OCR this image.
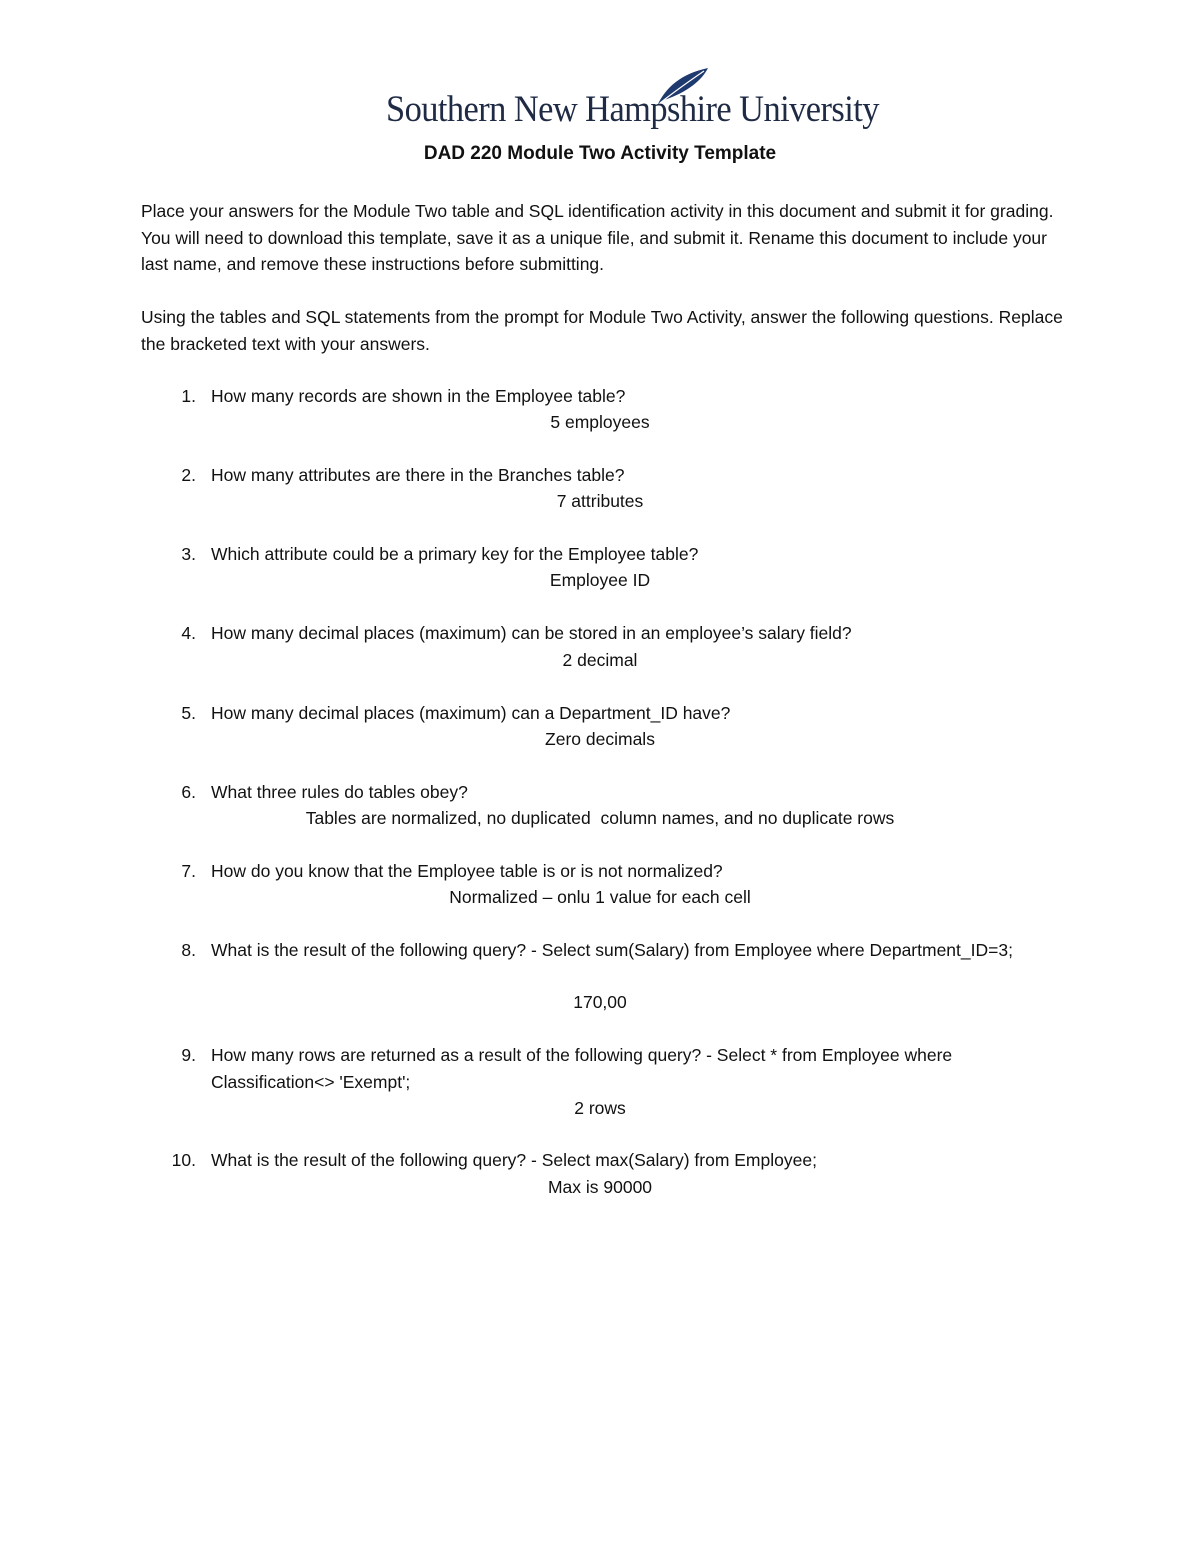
Southern New Hampshire University
DAD 220 Module Two Activity Template

Place your answers for the Module Two table and SQL identification activity in this document and submit it for grading. You will need to download this template, save it as a unique file, and submit it. Rename this document to include your last name, and remove these instructions before submitting.

Using the tables and SQL statements from the prompt for Module Two Activity, answer the following questions. Replace the bracketed text with your answers.

1. How many records are shown in the Employee table?
5 employees
2. How many attributes are there in the Branches table?
7 attributes
3. Which attribute could be a primary key for the Employee table?
Employee ID
4. How many decimal places (maximum) can be stored in an employee’s salary field?
2 decimal
5. How many decimal places (maximum) can a Department_ID have?
Zero decimals
6. What three rules do tables obey?
Tables are normalized, no duplicated  column names, and no duplicate rows
7. How do you know that the Employee table is or is not normalized?
Normalized – onlu 1 value for each cell
8. What is the result of the following query? - Select sum(Salary) from Employee where Department_ID=3;
170,00
9. How many rows are returned as a result of the following query? - Select * from Employee where Classification<> 'Exempt';
2 rows
10. What is the result of the following query? - Select max(Salary) from Employee;
Max is 90000
